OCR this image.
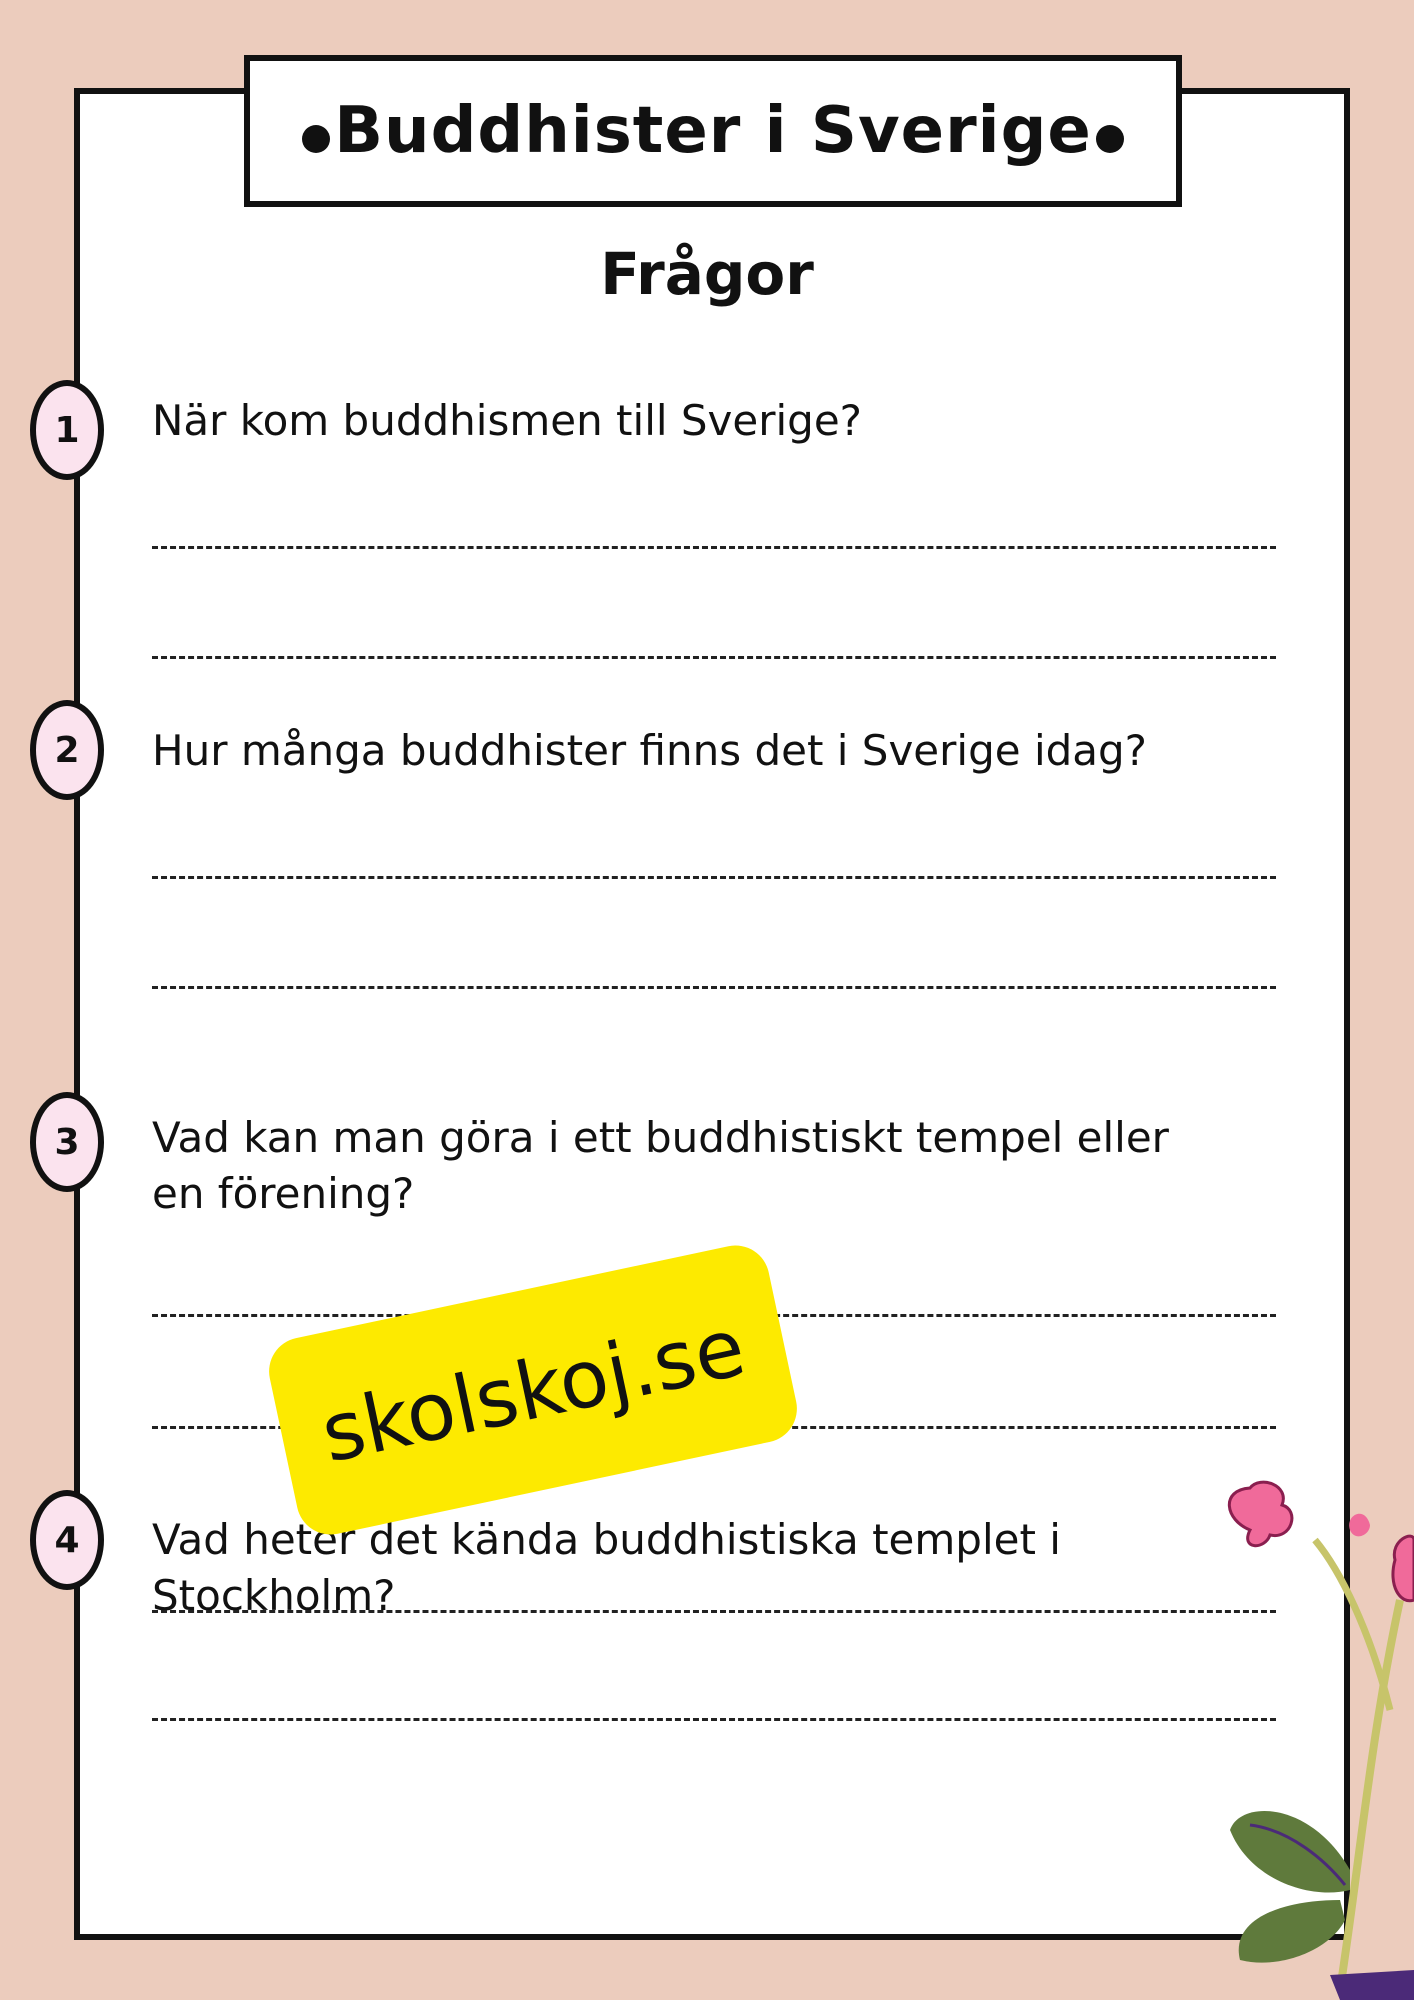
Buddhister i Sverige
Frågor
1	När kom buddhismen till Sverige?
2	Hur många buddhister finns det i Sverige idag?
3	Vad kan man göra i ett buddhistiskt tempel eller en förening?
4	Vad heter det kända buddhistiska templet i Stockholm?
skolskoj.se
